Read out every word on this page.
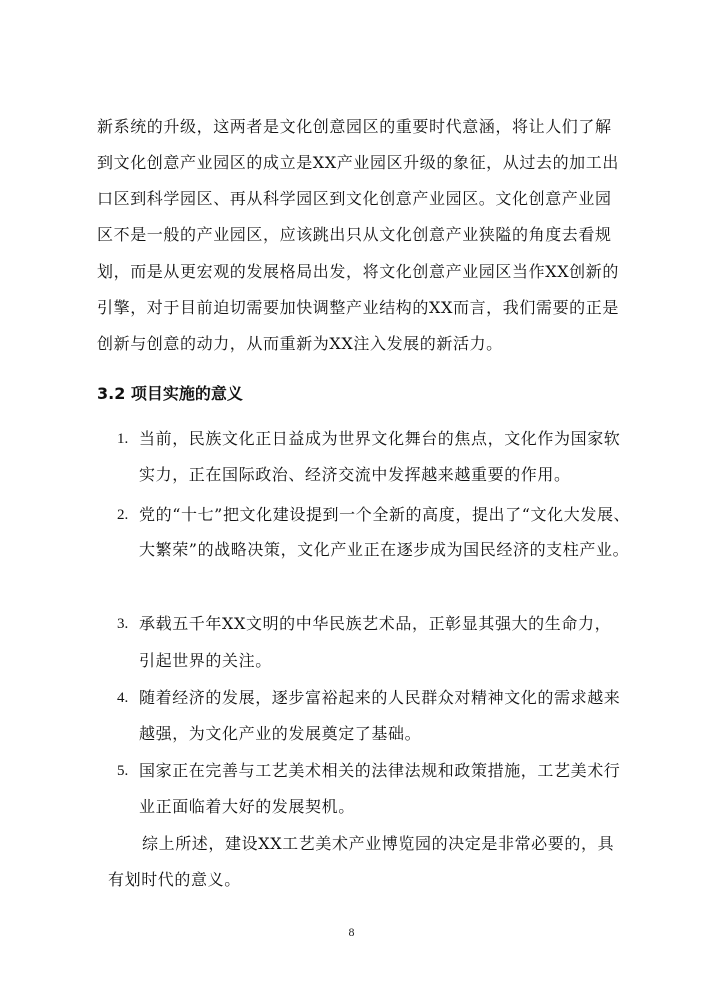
新系统的升级，这两者是文化创意园区的重要时代意涵，将让人们了解
到文化创意产业园区的成立是XX产业园区升级的象征，从过去的加工出
口区到科学园区、再从科学园区到文化创意产业园区。文化创意产业园
区不是一般的产业园区，应该跳出只从文化创意产业狭隘的角度去看规
划，而是从更宏观的发展格局出发，将文化创意产业园区当作XX创新的
引擎，对于目前迫切需要加快调整产业结构的XX而言，我们需要的正是
创新与创意的动力，从而重新为XX注入发展的新活力。
3.2 项目实施的意义
1. 当前，民族文化正日益成为世界文化舞台的焦点，文化作为国家软
实力，正在国际政治、经济交流中发挥越来越重要的作用。
2. 党的“十七”把文化建设提到一个全新的高度，提出了“文化大发展、
大繁荣”的战略决策，文化产业正在逐步成为国民经济的支柱产业。
3. 承载五千年XX文明的中华民族艺术品，正彰显其强大的生命力，
引起世界的关注。
4. 随着经济的发展，逐步富裕起来的人民群众对精神文化的需求越来
越强，为文化产业的发展奠定了基础。
5. 国家正在完善与工艺美术相关的法律法规和政策措施，工艺美术行
业正面临着大好的发展契机。
综上所述，建设XX工艺美术产业博览园的决定是非常必要的，具
有划时代的意义。
8
